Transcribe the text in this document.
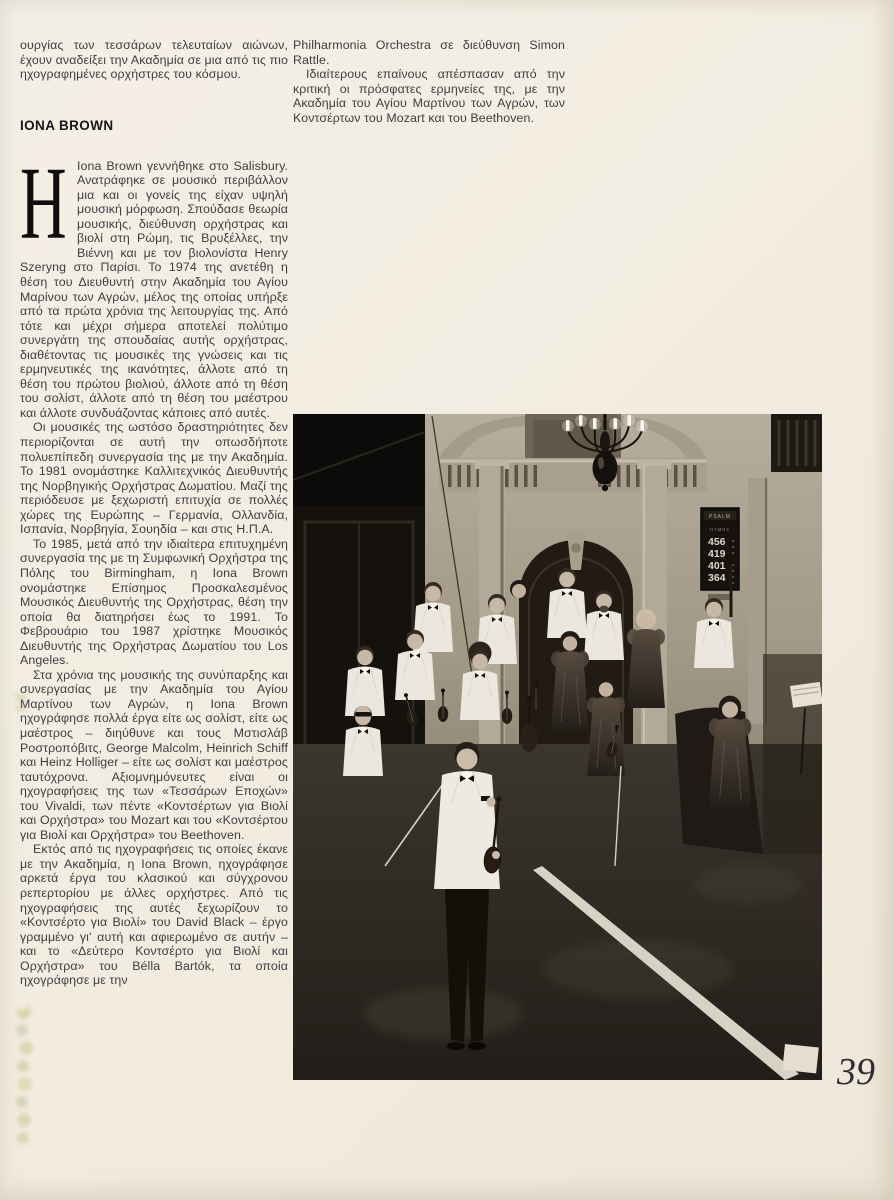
ουργίας των τεσσάρων τελευταίων αιώνων, έχουν αναδείξει την Ακαδημία σε μια από τις πιο ηχογραφημένες ορχήστρες του κόσμου.

IONA BROWN

Η Iona Brown γεννήθηκε στο Salisbury. Ανατράφηκε σε μουσικό περιβάλλον μια και οι γονείς της είχαν υψηλή μουσική μόρφωση. Σπούδασε θεωρία μουσικής, διεύθυνση ορχήστρας και βιολί στη Ρώμη, τις Βρυξέλλες, την Βιέννη και με τον βιολονίστα Henry Szeryng στο Παρίσι. Το 1974 της ανετέθη η θέση του Διευθυντή στην Ακαδημία του Αγίου Μαρίνου των Αγρών, μέλος της οποίας υπήρξε από τα πρώτα χρόνια της λειτουργίας της. Από τότε και μέχρι σήμερα αποτελεί πολύτιμο συνεργάτη της σπουδαίας αυτής ορχήστρας, διαθέτοντας τις μουσικές της γνώσεις και τις ερμηνευτικές της ικανότητες, άλλοτε από τη θέση του πρώτου βιολιού, άλλοτε από τη θέση του σολίστ, άλλοτε από τη θέση του μαέστρου και άλλοτε συνδυάζοντας κάποιες από αυτές.

Οι μουσικές της ωστόσο δραστηριότητες δεν περιορίζονται σε αυτή την οπωσδήποτε πολυεπίπεδη συνεργασία της με την Ακαδημία. Το 1981 ονομάστηκε Καλλιτεχνικός Διευθυντής της Νορβηγικής Ορχήστρας Δωματίου. Μαζί της περιόδευσε με ξεχωριστή επιτυχία σε πολλές χώρες της Ευρώπης – Γερμανία, Ολλανδία, Ισπανία, Νορβηγία, Σουηδία – και στις Η.Π.Α.

Το 1985, μετά από την ιδιαίτερα επιτυχημένη συνεργασία της με τη Συμφωνική Ορχήστρα της Πόλης του Birmingham, η Iona Brown ονομάστηκε Επίσημος Προσκαλεσμένος Μουσικός Διευθυντής της Ορχήστρας, θέση την οποία θα διατηρήσει έως το 1991. Το Φεβρουάριο του 1987 χρίστηκε Μουσικός Διευθυντής της Ορχήστρας Δωματίου του Los Angeles.

Στα χρόνια της μουσικής της συνύπαρξης και συνεργασίας με την Ακαδημία του Αγίου Μαρτίνου των Αγρών, η Iona Brown ηχογράφησε πολλά έργα είτε ως σολίστ, είτε ως μαέστρος – διηύθυνε και τους Μστισλάβ Ροστροπόβιτς, George Malcolm, Heinrich Schiff και Heinz Holliger – είτε ως σολίστ και μαέστρος ταυτόχρονα. Αξιομνημόνευτες είναι οι ηχογραφήσεις της των «Τεσσάρων Εποχών» του Vivaldi, των πέντε «Κοντσέρτων για Βιολί και Ορχήστρα» του Mozart και του «Κοντσέρτου για Βιολί και Ορχήστρα» του Beethoven.

Εκτός από τις ηχογραφήσεις τις οποίες έκανε με την Ακαδημία, η Iona Brown, ηχογράφησε αρκετά έργα του κλασικού και σύγχρονου ρεπερτορίου με άλλες ορχήστρες. Από τις ηχογραφήσεις της αυτές ξεχωρίζουν το «Κοντσέρτο για Βιολί» του David Black – έργο γραμμένο γι' αυτή και αφιερωμένο σε αυτήν – και το «Δεύτερο Κοντσέρτο για Βιολί και Ορχήστρα» του Bélla Bartók, τα οποία ηχογράφησε με την

Philharmonia Orchestra σε διεύθυνση Simon Rattle.

Ιδιαίτερους επαίνους απέσπασαν από την κριτική οι πρόσφατες ερμηνείες της, με την Ακαδημία του Αγίου Μαρτίνου των Αγρών, των Κοντσέρτων του Mozart και του Beethoven.

PSALM
HYMNS
456
419
401
364
39
